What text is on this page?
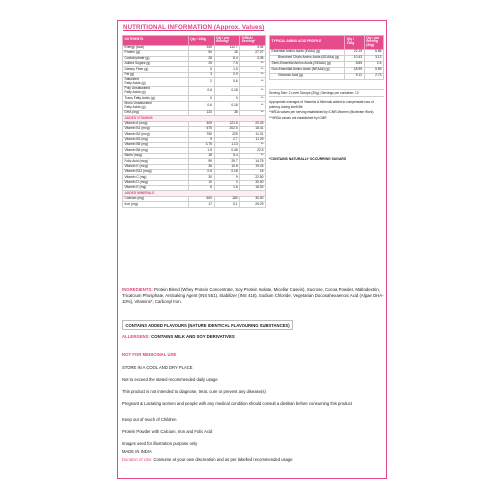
NUTRITIONAL INFORMATION (Approx. Values)
NUTRIENTS	Qty / 100g	Qty / per serving*	%RDA/ Serving*
Energy (kcal)	349	110.7	4.94
Protein (g)	50	15	27.27
Carbohydrate (g)	28	8.4	3.36
Added Sugars (g)	25	7.5	**
Dietary Fiber (g)	5	1.5	**
Fat (g)	3	0.9	**
Saturated
Fatty Acids (g)	2	0.6	**
Poly Unsaturated
Fatty Acids (g)	0.6	0.18	**
Trans Fatty Acids (g)	0	0	**
Mono Unsaturated
Fatty Acids (g)	0.6	0.18	**
DHA (mg)	120	36	**
ADDED VITAMINS			
Vitamin A (mcg)	405	121.5	20.25
Vitamin B1 (mcg)	675	202.5	18.41
Vitamin B2 (mcg)	750	225	11.31
Vitamin B3 (mg)	9	2.7	11.29
Vitamin B5 (mg)	3.75	1.13	**
Vitamin B6 (mg)	1.5	0.45	22.5
Biotin (mcg)	18	5.4	**
Folic Acid (mcg)	99	29.7	14.75
Vitamin K (mcg)	36	10.8	19.43
Vitamin B12 (mcg)	0.6	0.18	18
Vitamin C (mg)	30	9	22.50
Vitamin D (mcg)	10	3	30.00
Vitamin E (mg)	6	1.8	18.00
ADDED MINERALS			
Calcium (mg)	600	180	30.00
Iron (mg)	17	5.1	26.29
TYPICAL AMINO ACID PROFILE	Qty / 100g	Qty / per serving (30g)
Essential Amino Acids (EAAs) (g)	22.19	6.65
Branched Chain Amino Acids (BCAAs) (g)	10.43	3.13
Semi-Essential Amino Acids (SEAAs) (g)	8.85	2.6
Non-Essential Amino Acids (NEAAs) (g)	18.95	5.69
Glutamic Acid (g)	9.12	2.73
Serving Size: 2 Level Scoops (30g) | Servings per container: 13
Appropriate overages of Vitamins & Minerals added to compensate loss of potency during shelf-life
*%RDA values per serving established by ICMR-Women (Moderate Work)
**%RDA values not established by ICMR
*CONTAINS NATURALLY OCCURRING SUGARS
INGREDIENTS: Protein Blend (Whey Protein Concentrate, Soy Protein Isolate, Micellar Casein), Sucrose, Cocoa Powder, Maltodextrin, Tricalcium Phosphate, Anticaking Agent (INS 551), Stabilizer (INS 415), Sodium Chloride, Vegetarian Docosahexaenoic Acid (Algae DHA-10%), Vitamins*, Carbonyl Iron.
CONTAINS ADDED FLAVOURS (NATURE IDENTICAL FLAVOURING SUBSTANCES)
ALLERGENS: CONTAINS MILK AND SOY DERIVATIVES
NOT FOR MEDICINAL USE
STORE IN A COOL AND DRY PLACE
Not to exceed the stated recommended daily usage
This product is not intended to diagnose, treat, cure or prevent any disease(s)
Pregnant & Lactating women and people with any medical condition should consult a dietitian before consuming this product
Keep out of reach of Children
Protein Powder with Calcium, Iron and Folic Acid
Images used for illustration purpose only
MADE IN INDIA
Duration of Use: Consume at your own discreation and as per labelled recommended usage
